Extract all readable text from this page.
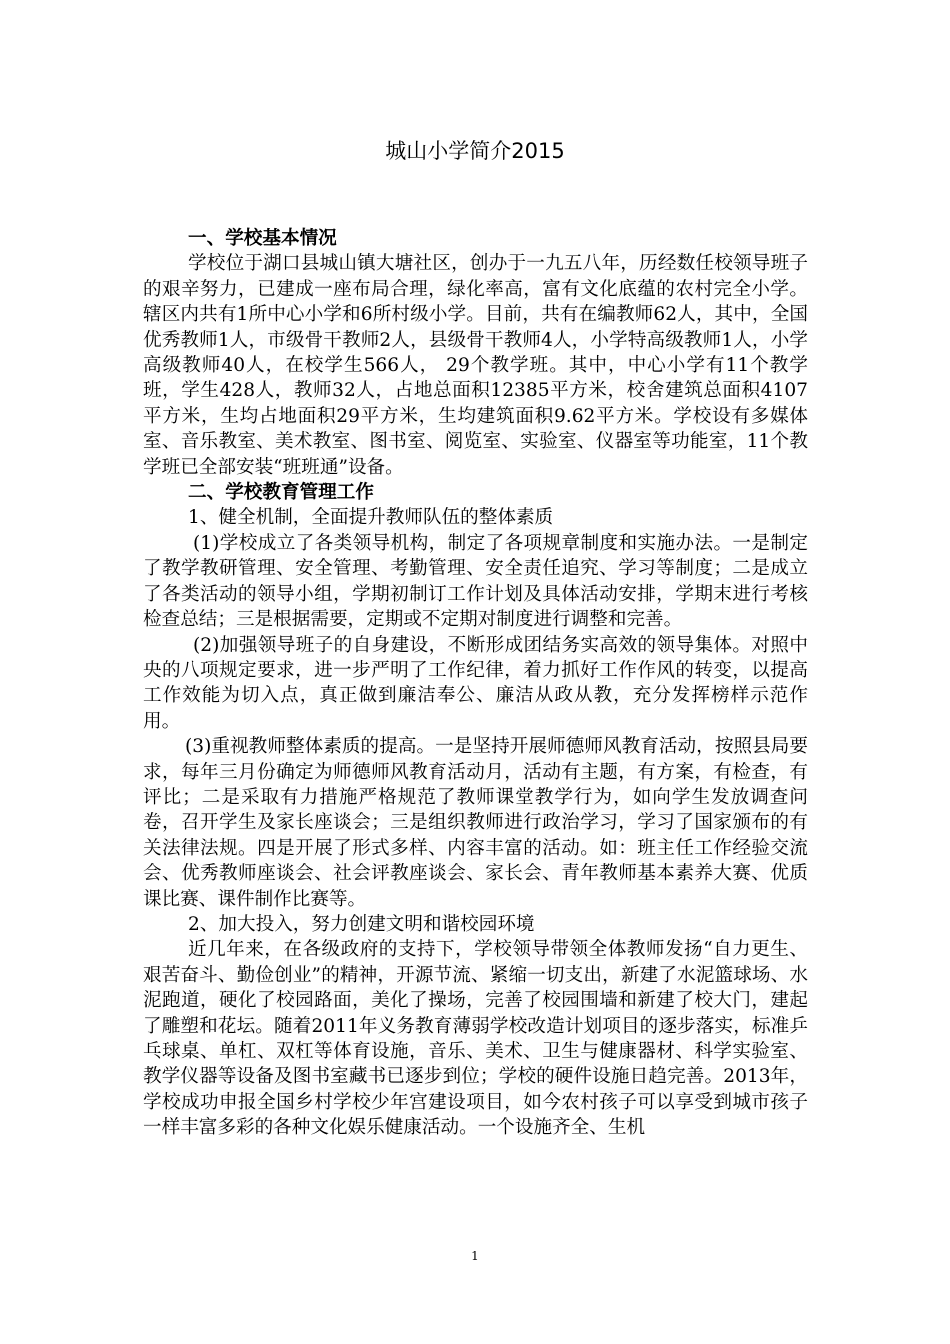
城山小学简介2015

一、学校基本情况

学校位于湖口县城山镇大塘社区，创办于一九五八年，历经数任校领导班子的艰辛努力，已建成一座布局合理，绿化率高，富有文化底蕴的农村完全小学。辖区内共有1所中心小学和6所村级小学。目前，共有在编教师62人，其中，全国优秀教师1人，市级骨干教师2人，县级骨干教师4人，小学特高级教师1人，小学高级教师40人，在校学生566人， 29个教学班。其中，中心小学有11个教学班，学生428人，教师32人，占地总面积12385平方米，校舍建筑总面积4107平方米，生均占地面积29平方米，生均建筑面积9.62平方米。学校设有多媒体室、音乐教室、美术教室、图书室、阅览室、实验室、仪器室等功能室，11个教学班已全部安装“班班通”设备。

二、学校教育管理工作

1、健全机制，全面提升教师队伍的整体素质

(1)学校成立了各类领导机构，制定了各项规章制度和实施办法。一是制定了教学教研管理、安全管理、考勤管理、安全责任追究、学习等制度；二是成立了各类活动的领导小组，学期初制订工作计划及具体活动安排，学期末进行考核检查总结；三是根据需要，定期或不定期对制度进行调整和完善。

(2)加强领导班子的自身建设，不断形成团结务实高效的领导集体。对照中央的八项规定要求，进一步严明了工作纪律，着力抓好工作作风的转变，以提高工作效能为切入点，真正做到廉洁奉公、廉洁从政从教，充分发挥榜样示范作用。

(3)重视教师整体素质的提高。一是坚持开展师德师风教育活动，按照县局要求，每年三月份确定为师德师风教育活动月，活动有主题，有方案，有检查，有评比；二是采取有力措施严格规范了教师课堂教学行为，如向学生发放调查问卷，召开学生及家长座谈会；三是组织教师进行政治学习，学习了国家颁布的有关法律法规。四是开展了形式多样、内容丰富的活动。如：班主任工作经验交流会、优秀教师座谈会、社会评教座谈会、家长会、青年教师基本素养大赛、优质课比赛、课件制作比赛等。

2、加大投入，努力创建文明和谐校园环境

近几年来，在各级政府的支持下，学校领导带领全体教师发扬“自力更生、艰苦奋斗、勤俭创业”的精神，开源节流、紧缩一切支出，新建了水泥篮球场、水泥跑道，硬化了校园路面，美化了操场，完善了校园围墙和新建了校大门，建起了雕塑和花坛。随着2011年义务教育薄弱学校改造计划项目的逐步落实，标准乒乓球桌、单杠、双杠等体育设施，音乐、美术、卫生与健康器材、科学实验室、教学仪器等设备及图书室藏书已逐步到位；学校的硬件设施日趋完善。2013年，学校成功申报全国乡村学校少年宫建设项目，如今农村孩子可以享受到城市孩子一样丰富多彩的各种文化娱乐健康活动。一个设施齐全、生机

1
